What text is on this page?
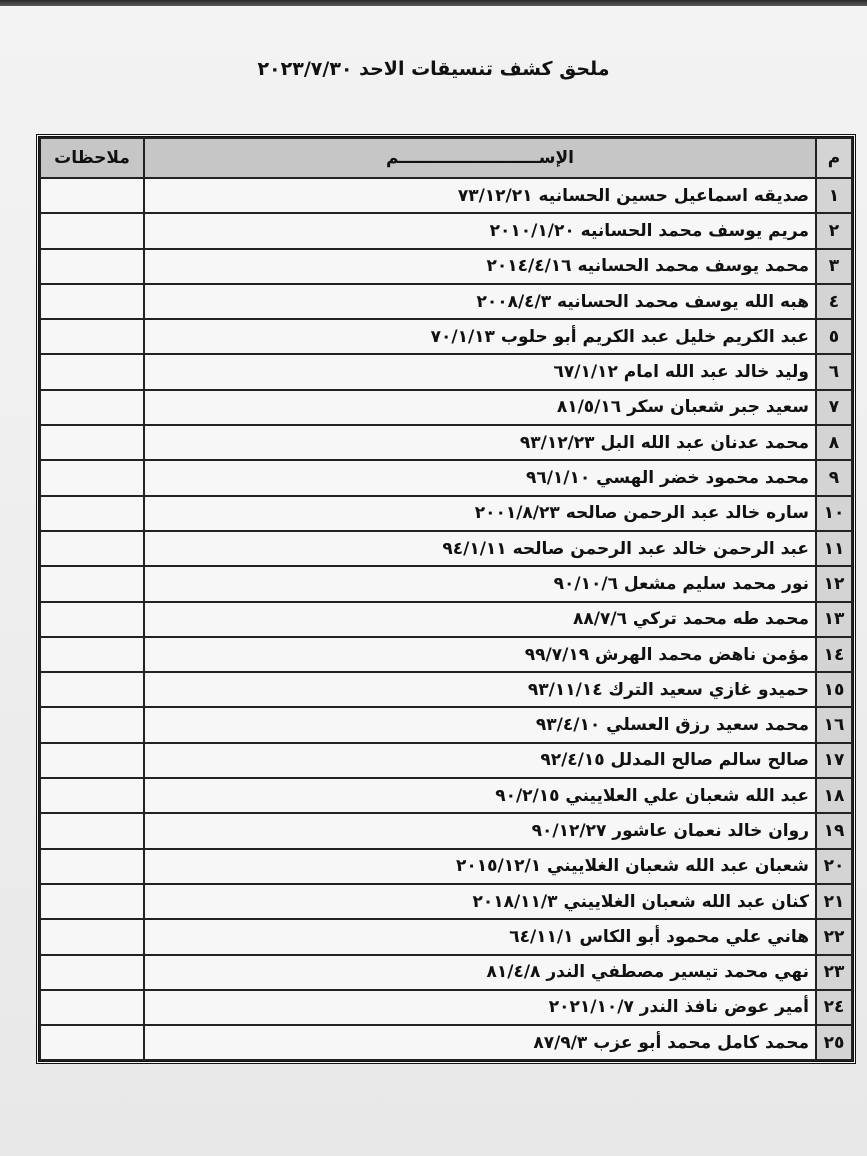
ملحق كشف تنسيقات الاحد ٢٠٢٣/٧/٣٠
م	الإســــــــــــــــــــــــم	ملاحظات
١	صديقه اسماعيل حسين الحسانيه ٧٣/١٢/٢١	
٢	مريم يوسف محمد الحسانيه ٢٠١٠/١/٢٠	
٣	محمد يوسف محمد الحسانيه ٢٠١٤/٤/١٦	
٤	هبه الله يوسف محمد الحسانيه ٢٠٠٨/٤/٣	
٥	عبد الكريم خليل عبد الكريم أبو حلوب ٧٠/١/١٣	
٦	وليد خالد عبد الله امام ٦٧/١/١٢	
٧	سعيد جبر شعبان سكر ٨١/٥/١٦	
٨	محمد عدنان عبد الله البل ٩٣/١٢/٢٣	
٩	محمد محمود خضر الهسي ٩٦/١/١٠	
١٠	ساره خالد عبد الرحمن صالحه ٢٠٠١/٨/٢٣	
١١	عبد الرحمن خالد عبد الرحمن صالحه ٩٤/١/١١	
١٢	نور محمد سليم مشعل ٩٠/١٠/٦	
١٣	محمد طه محمد تركي ٨٨/٧/٦	
١٤	مؤمن ناهض محمد الهرش ٩٩/٧/١٩	
١٥	حميدو غازي سعيد الترك ٩٣/١١/١٤	
١٦	محمد سعيد رزق العسلي ٩٣/٤/١٠	
١٧	صالح سالم صالح المدلل ٩٢/٤/١٥	
١٨	عبد الله شعبان علي العلاييني ٩٠/٢/١٥	
١٩	روان خالد نعمان عاشور ٩٠/١٢/٢٧	
٢٠	شعبان عبد الله شعبان الغلاييني ٢٠١٥/١٢/١	
٢١	كنان عبد الله شعبان الغلاييني ٢٠١٨/١١/٣	
٢٢	هاني علي محمود أبو الكاس ٦٤/١١/١	
٢٣	نهي محمد تيسير مصطفي الندر ٨١/٤/٨	
٢٤	أمير عوض نافذ الندر ٢٠٢١/١٠/٧	
٢٥	محمد كامل محمد أبو عزب ٨٧/٩/٣	
